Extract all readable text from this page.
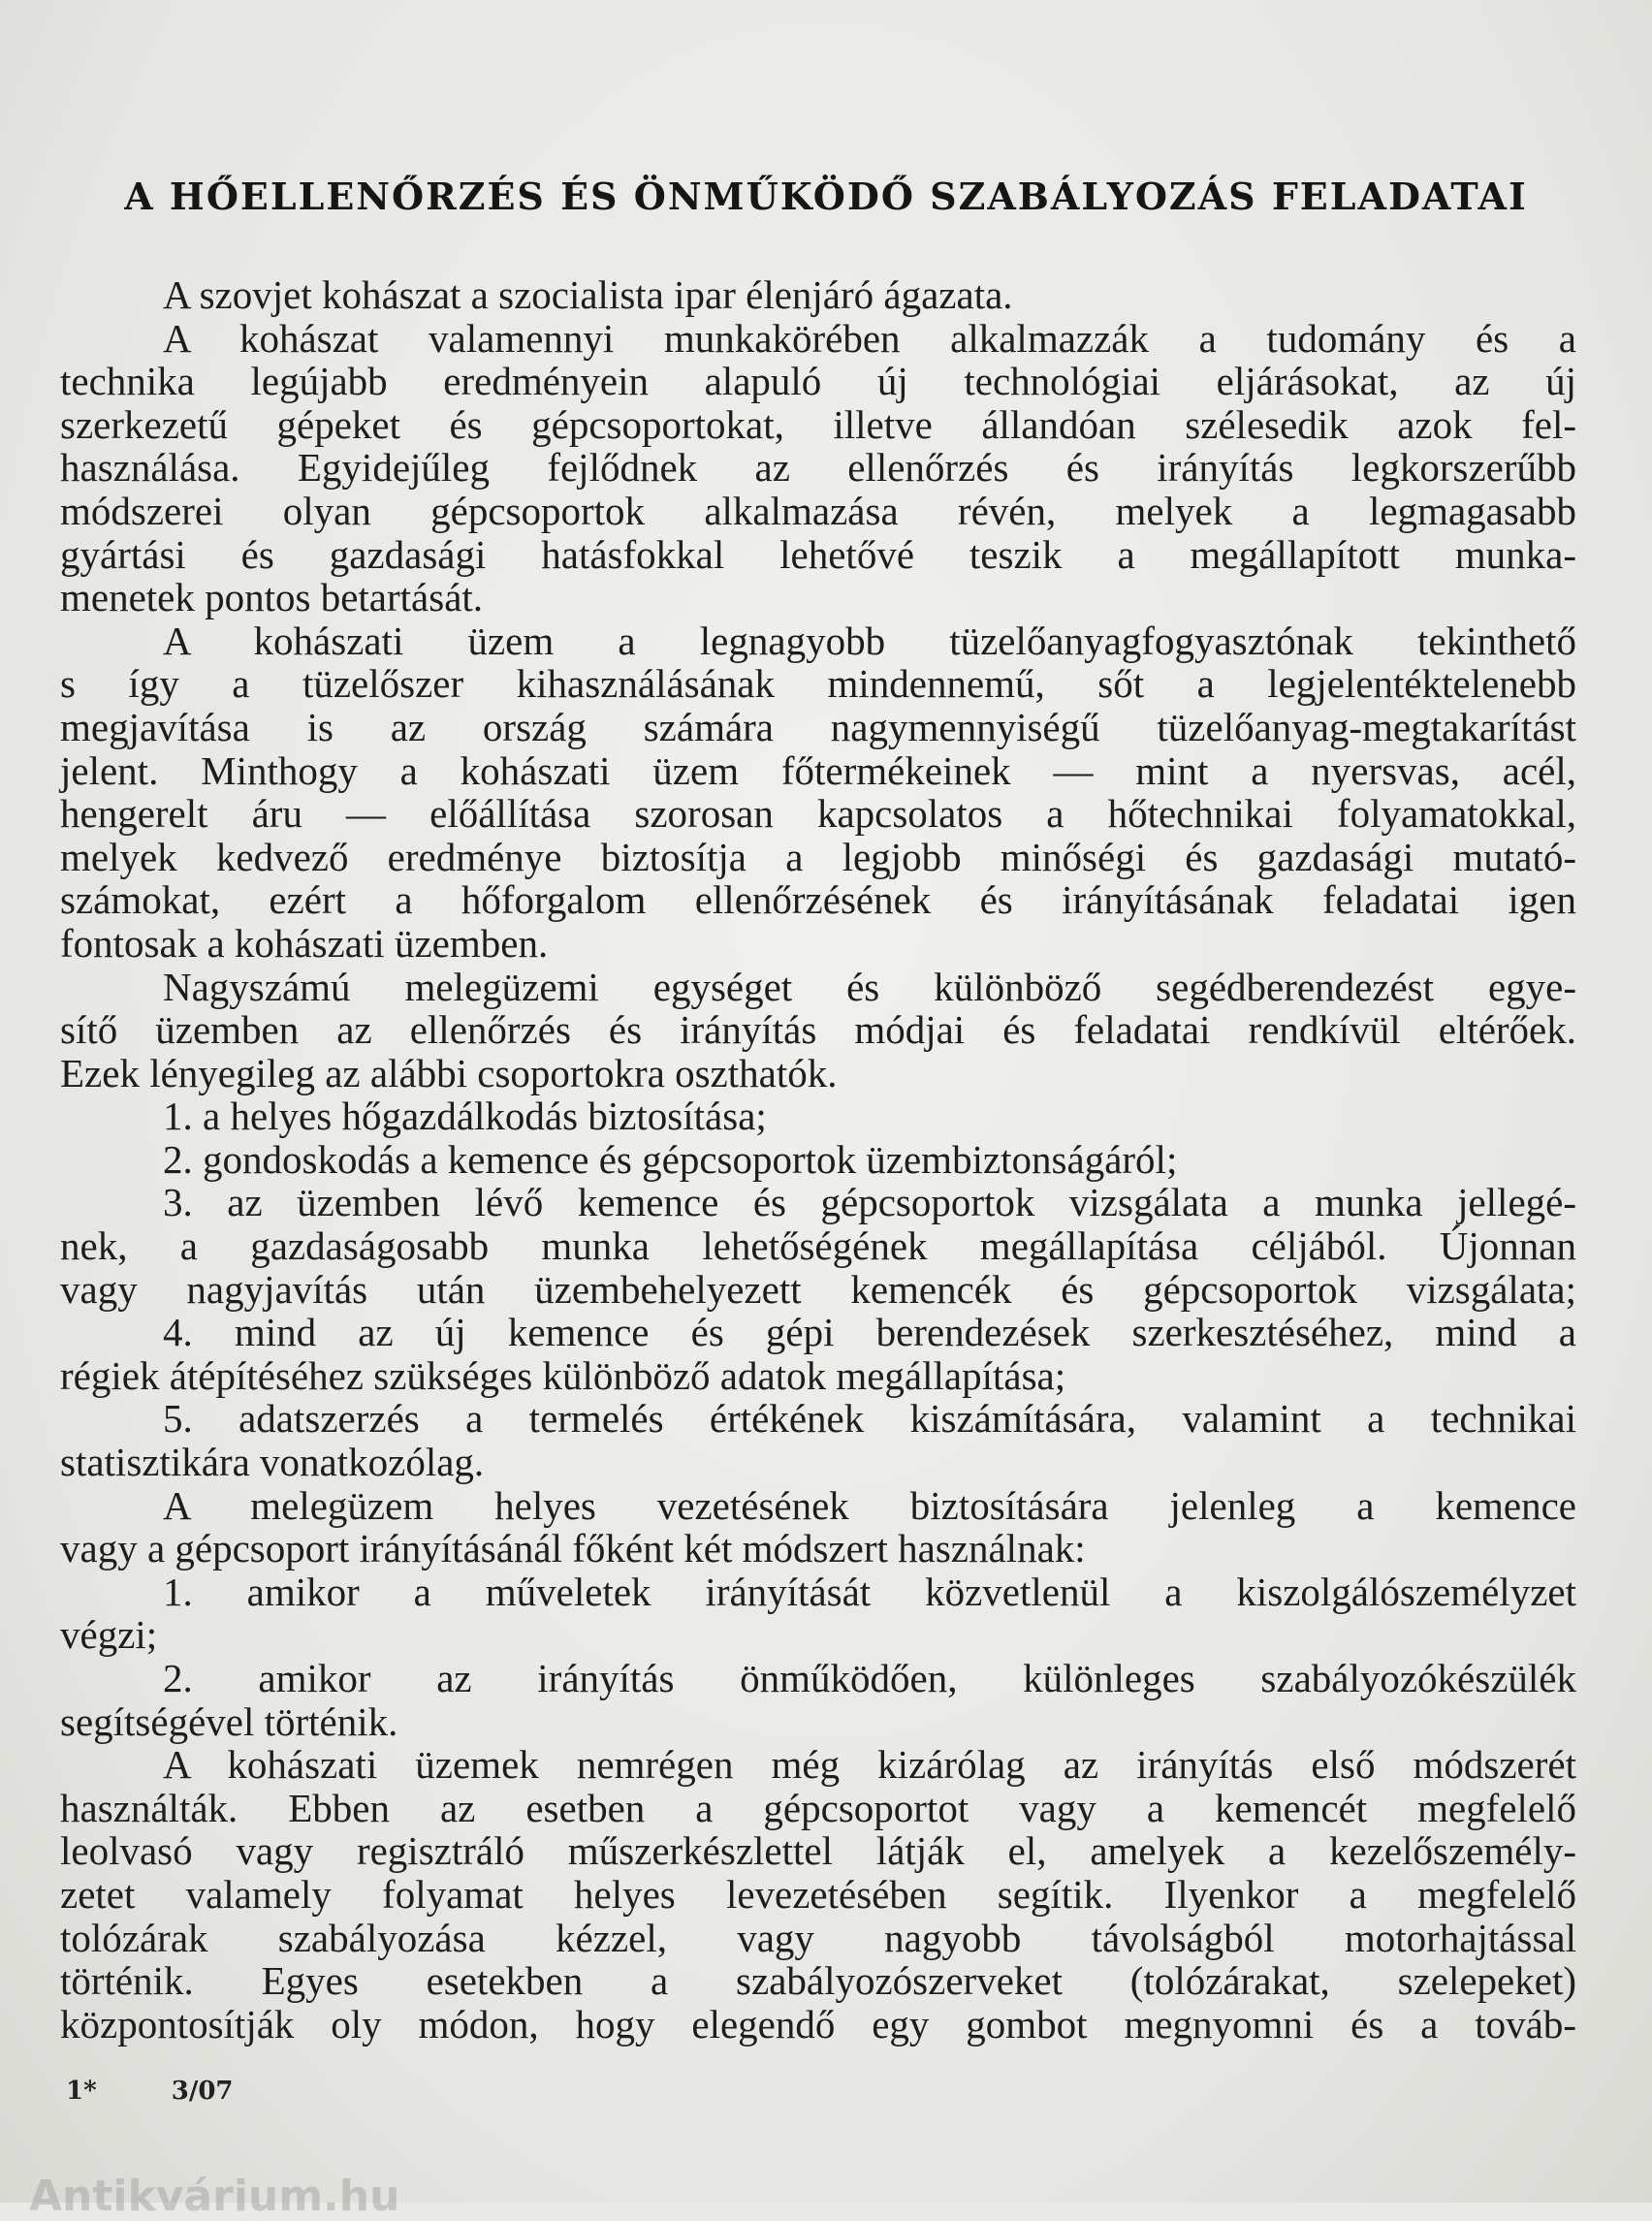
A HŐELLENŐRZÉS ÉS ÖNMŰKÖDŐ SZABÁLYOZÁS FELADATAI
A szovjet kohászat a szocialista ipar élenjáró ágazata.
A kohászat valamennyi munkakörében alkalmazzák a tudomány és a
technika legújabb eredményein alapuló új technológiai eljárásokat, az új
szerkezetű gépeket és gépcsoportokat, illetve állandóan szélesedik azok fel-
használása. Egyidejűleg fejlődnek az ellenőrzés és irányítás legkorszerűbb
módszerei olyan gépcsoportok alkalmazása révén, melyek a legmagasabb
gyártási és gazdasági hatásfokkal lehetővé teszik a megállapított munka-
menetek pontos betartását.
A kohászati üzem a legnagyobb tüzelőanyagfogyasztónak tekinthető
s így a tüzelőszer kihasználásának mindennemű, sőt a legjelentéktelenebb
megjavítása is az ország számára nagymennyiségű tüzelőanyag-megtakarítást
jelent. Minthogy a kohászati üzem főtermékeinek — mint a nyersvas, acél,
hengerelt áru — előállítása szorosan kapcsolatos a hőtechnikai folyamatokkal,
melyek kedvező eredménye biztosítja a legjobb minőségi és gazdasági mutató-
számokat, ezért a hőforgalom ellenőrzésének és irányításának feladatai igen
fontosak a kohászati üzemben.
Nagyszámú melegüzemi egységet és különböző segédberendezést egye-
sítő üzemben az ellenőrzés és irányítás módjai és feladatai rendkívül eltérőek.
Ezek lényegileg az alábbi csoportokra oszthatók.
1. a helyes hőgazdálkodás biztosítása;
2. gondoskodás a kemence és gépcsoportok üzembiztonságáról;
3. az üzemben lévő kemence és gépcsoportok vizsgálata a munka jellegé-
nek, a gazdaságosabb munka lehetőségének megállapítása céljából. Újonnan
vagy nagyjavítás után üzembehelyezett kemencék és gépcsoportok vizsgálata;
4. mind az új kemence és gépi berendezések szerkesztéséhez, mind a
régiek átépítéséhez szükséges különböző adatok megállapítása;
5. adatszerzés a termelés értékének kiszámítására, valamint a technikai
statisztikára vonatkozólag.
A melegüzem helyes vezetésének biztosítására jelenleg a kemence
vagy a gépcsoport irányításánál főként két módszert használnak:
1. amikor a műveletek irányítását közvetlenül a kiszolgálószemélyzet
végzi;
2. amikor az irányítás önműködően, különleges szabályozókészülék
segítségével történik.
A kohászati üzemek nemrégen még kizárólag az irányítás első módszerét
használták. Ebben az esetben a gépcsoportot vagy a kemencét megfelelő
leolvasó vagy regisztráló műszerkészlettel látják el, amelyek a kezelőszemély-
zetet valamely folyamat helyes levezetésében segítik. Ilyenkor a megfelelő
tolózárak szabályozása kézzel, vagy nagyobb távolságból motorhajtással
történik. Egyes esetekben a szabályozószerveket (tolózárakat, szelepeket)
központosítják oly módon, hogy elegendő egy gombot megnyomni és a továb-
1*	3/07
Antikvárium.hu
